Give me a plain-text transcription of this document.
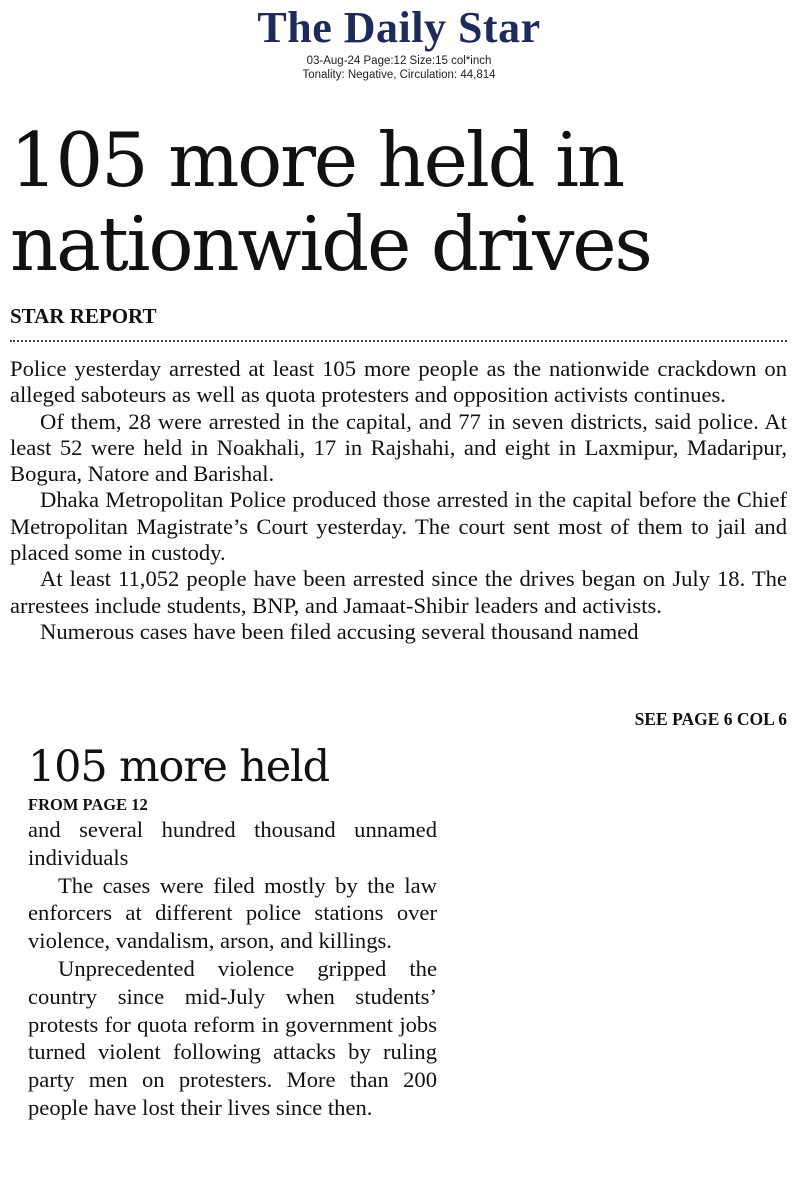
The Daily Star
03-Aug-24 Page:12 Size:15 col*inch
Tonality: Negative, Circulation: 44,814
105 more held in
nationwide drives
STAR REPORT

Police yesterday arrested at least 105 more people as the nationwide crackdown on alleged saboteurs as well as quota protesters and opposition activists continues.

Of them, 28 were arrested in the capital, and 77 in seven districts, said police. At least 52 were held in Noakhali, 17 in Rajshahi, and eight in Laxmipur, Madaripur, Bogura, Natore and Barishal.

Dhaka Metropolitan Police produced those arrested in the capital before the Chief Metropolitan Magistrate’s Court yesterday. The court sent most of them to jail and placed some in custody.

At least 11,052 people have been arrested since the drives began on July 18. The arrestees include students, BNP, and Jamaat-Shibir leaders and activists.

Numerous cases have been filed accusing several thousand named

SEE PAGE 6 COL 6
105 more held
FROM PAGE 12

and several hundred thousand unnamed individuals

The cases were filed mostly by the law enforcers at different police stations over violence, vandalism, arson, and killings.

Unprecedented violence gripped the country since mid-July when students’ protests for quota reform in government jobs turned violent following attacks by ruling party men on protesters. More than 200 people have lost their lives since then.
